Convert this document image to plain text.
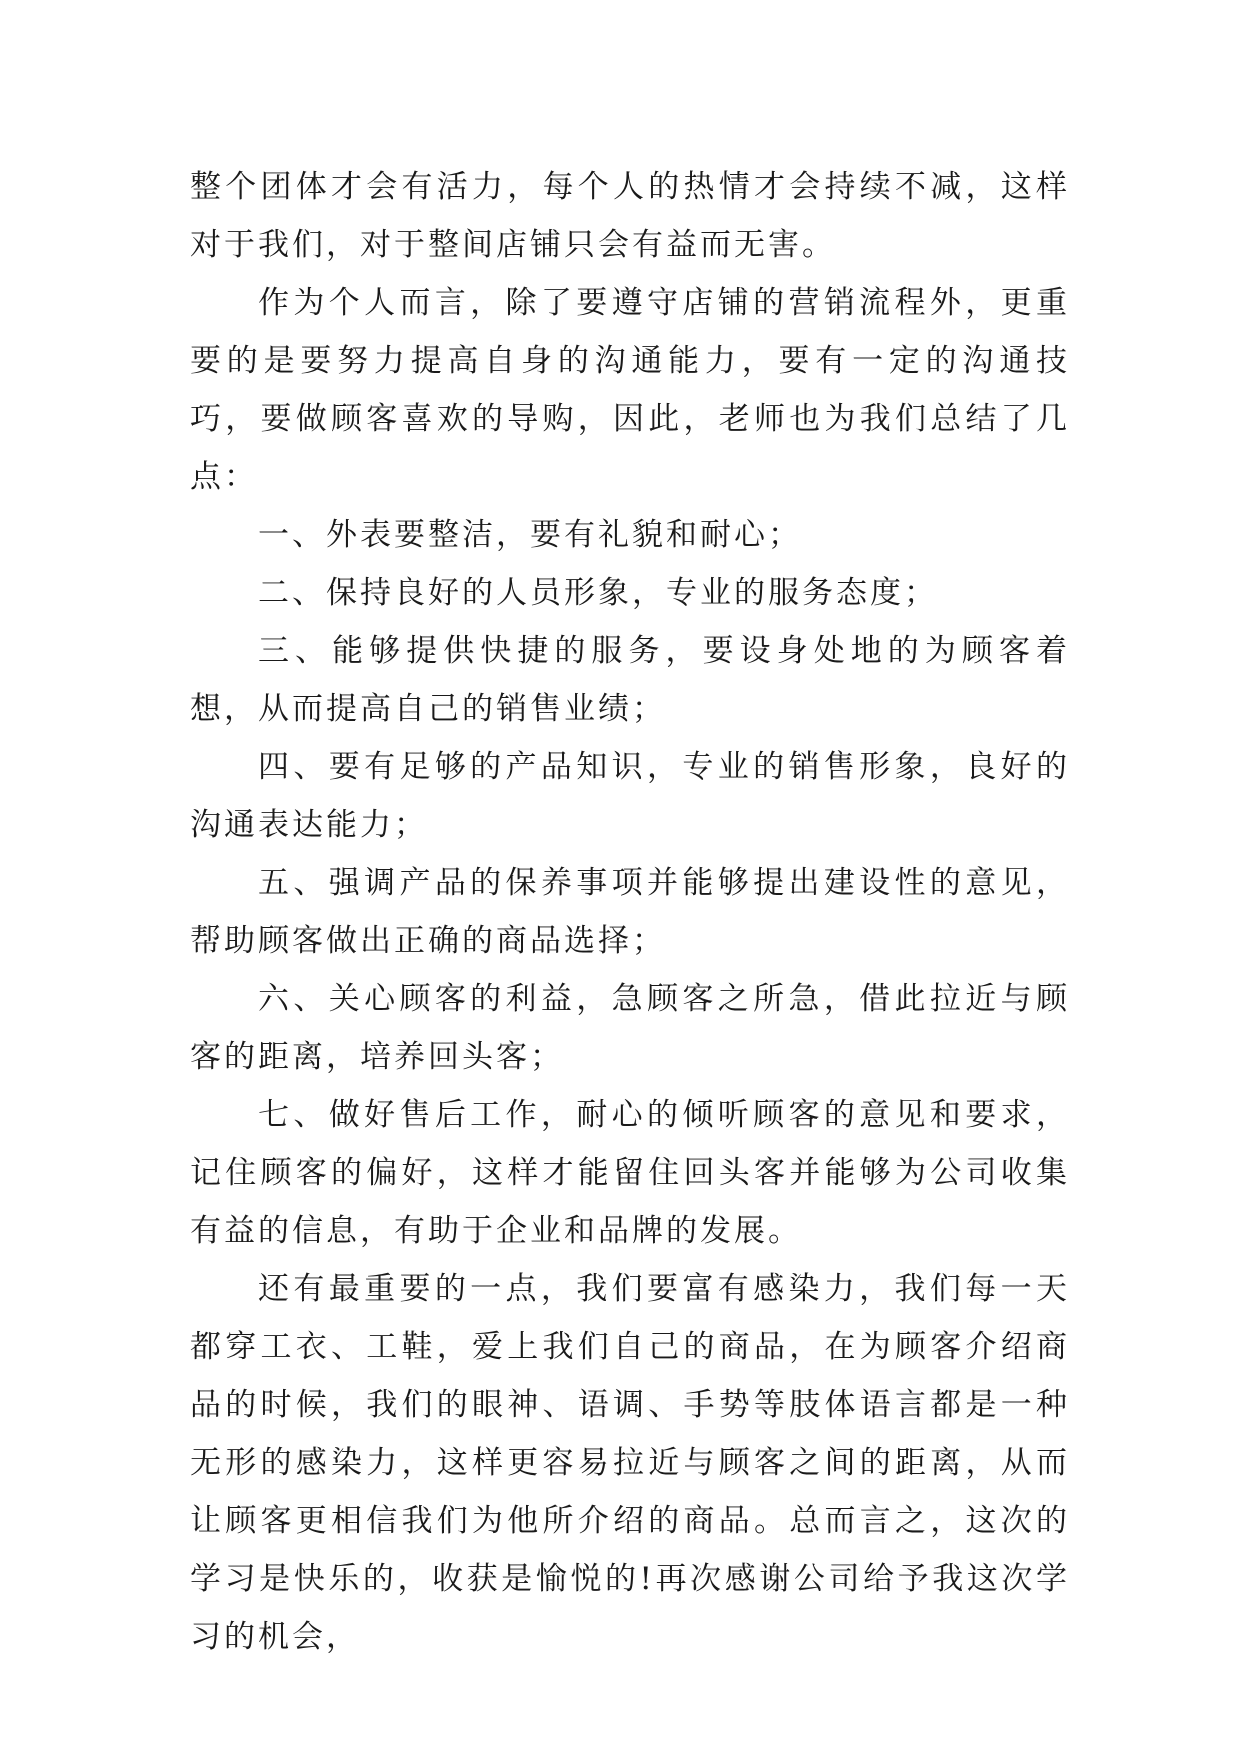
整个团体才会有活力，每个人的热情才会持续不减，这样对于我们，对于整间店铺只会有益而无害。

作为个人而言，除了要遵守店铺的营销流程外，更重要的是要努力提高自身的沟通能力，要有一定的沟通技巧，要做顾客喜欢的导购，因此，老师也为我们总结了几点：

一、外表要整洁，要有礼貌和耐心；

二、保持良好的人员形象，专业的服务态度；

三、能够提供快捷的服务，要设身处地的为顾客着想，从而提高自己的销售业绩；

四、要有足够的产品知识，专业的销售形象，良好的沟通表达能力；

五、强调产品的保养事项并能够提出建设性的意见，帮助顾客做出正确的商品选择；

六、关心顾客的利益，急顾客之所急，借此拉近与顾客的距离，培养回头客；

七、做好售后工作，耐心的倾听顾客的意见和要求，记住顾客的偏好，这样才能留住回头客并能够为公司收集有益的信息，有助于企业和品牌的发展。

还有最重要的一点，我们要富有感染力，我们每一天都穿工衣、工鞋，爱上我们自己的商品，在为顾客介绍商品的时候，我们的眼神、语调、手势等肢体语言都是一种无形的感染力，这样更容易拉近与顾客之间的距离，从而让顾客更相信我们为他所介绍的商品。总而言之，这次的学习是快乐的，收获是愉悦的!再次感谢公司给予我这次学习的机会，
